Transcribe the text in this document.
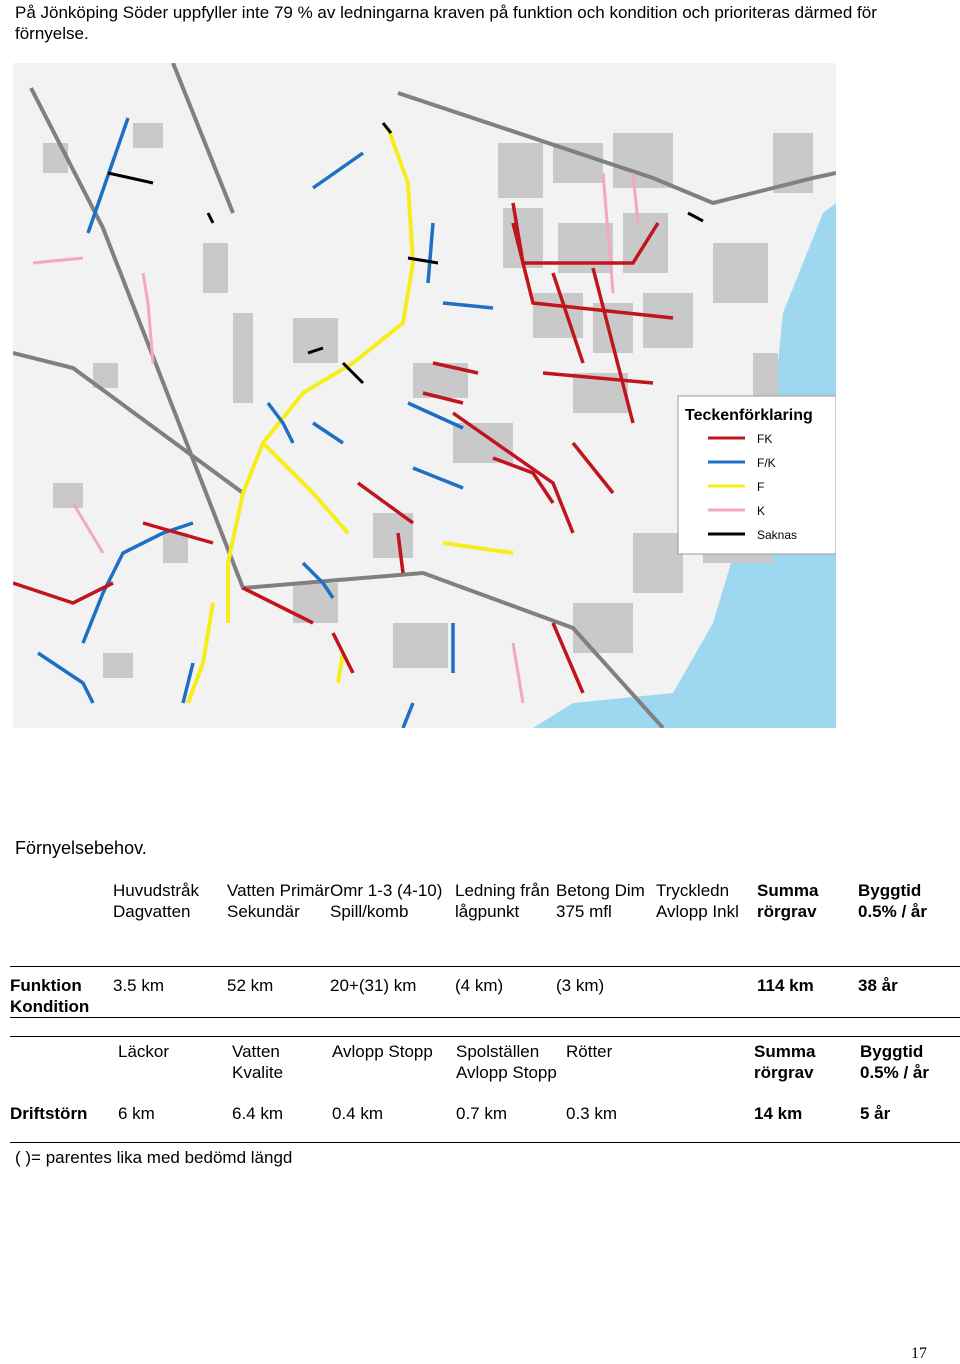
På Jönköping Söder uppfyller inte 79 % av ledningarna kraven på funktion och kondition och prioriteras därmed för förnyelse.
Teckenförklaring
FK
F/K
F
K
Saknas
Förnyelsebehov.
	Huvudstråk Dagvatten	Vatten Primär Sekundär	Omr 1-3 (4-10) Spill/komb	Ledning från lågpunkt	Betong Dim 375 mfl	Tryckledn Avlopp Inkl	Summa rörgrav	Byggtid 0.5% / år
Funktion Kondition	3.5 km	52 km	20+(31) km	(4 km)	(3 km)		114 km	38 år
	Läckor	Vatten Kvalite	Avlopp Stopp	Spolställen Avlopp Stopp	Rötter		Summa rörgrav	Byggtid 0.5% / år
Driftstörn	6 km	6.4 km	0.4 km	0.7 km	0.3 km		14 km	5 år
( )= parentes lika med bedömd längd
17
